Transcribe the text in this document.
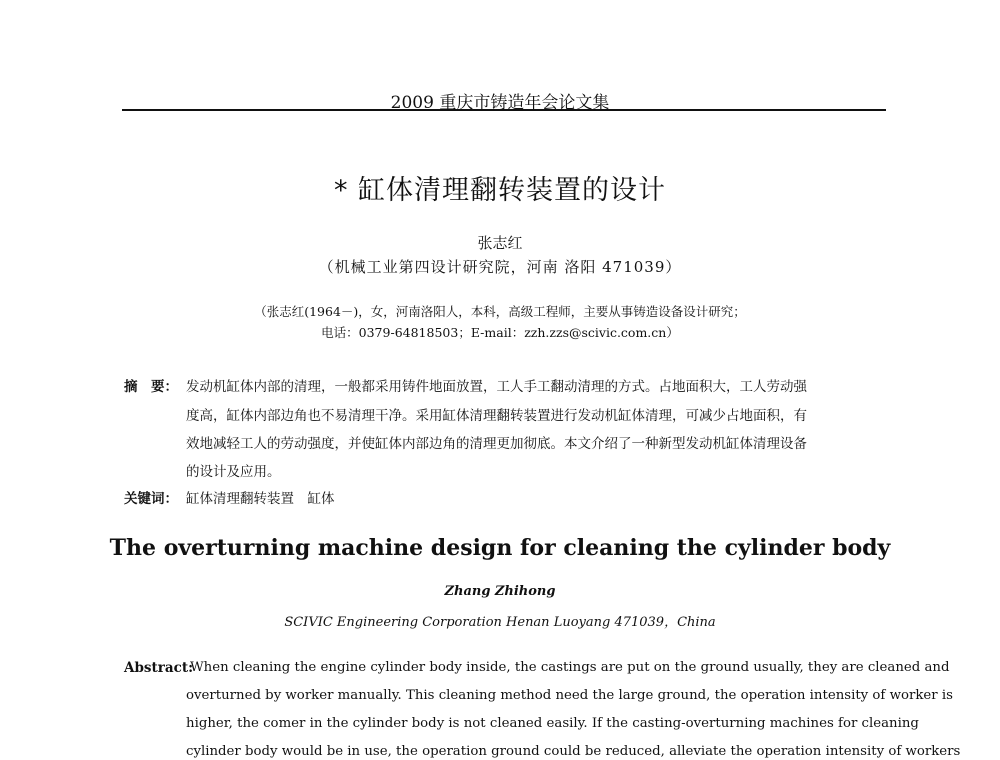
2009 重庆市铸造年会论文集
* 缸体清理翻转装置的设计
张志红
（机械工业第四设计研究院，河南 洛阳 471039）
（张志红(1964－)，女，河南洛阳人，本科，高级工程师，主要从事铸造设备设计研究；
电话：0379-64818503；E-mail：zzh.zzs@scivic.com.cn）
摘　要： 发动机缸体内部的清理，一般都采用铸件地面放置，工人手工翻动清理的方式。占地面积大，工人劳动强
度高，缸体内部边角也不易清理干净。采用缸体清理翻转装置进行发动机缸体清理，可减少占地面积，有
效地减轻工人的劳动强度，并使缸体内部边角的清理更加彻底。本文介绍了一种新型发动机缸体清理设备
的设计及应用。
关键词： 缸体清理翻转装置　缸体
The overturning machine design for cleaning the cylinder body
Zhang Zhihong
SCIVIC Engineering Corporation Henan Luoyang 471039，China
Abstract:
When cleaning the engine cylinder body inside, the castings are put on the ground usually, they are cleaned and
overturned by worker manually. This cleaning method need the large ground, the operation intensity of worker is
higher, the comer in the cylinder body is not cleaned easily. If the casting-overturning machines for cleaning
cylinder body would be in use, the operation ground could be reduced, alleviate the operation intensity of workers
